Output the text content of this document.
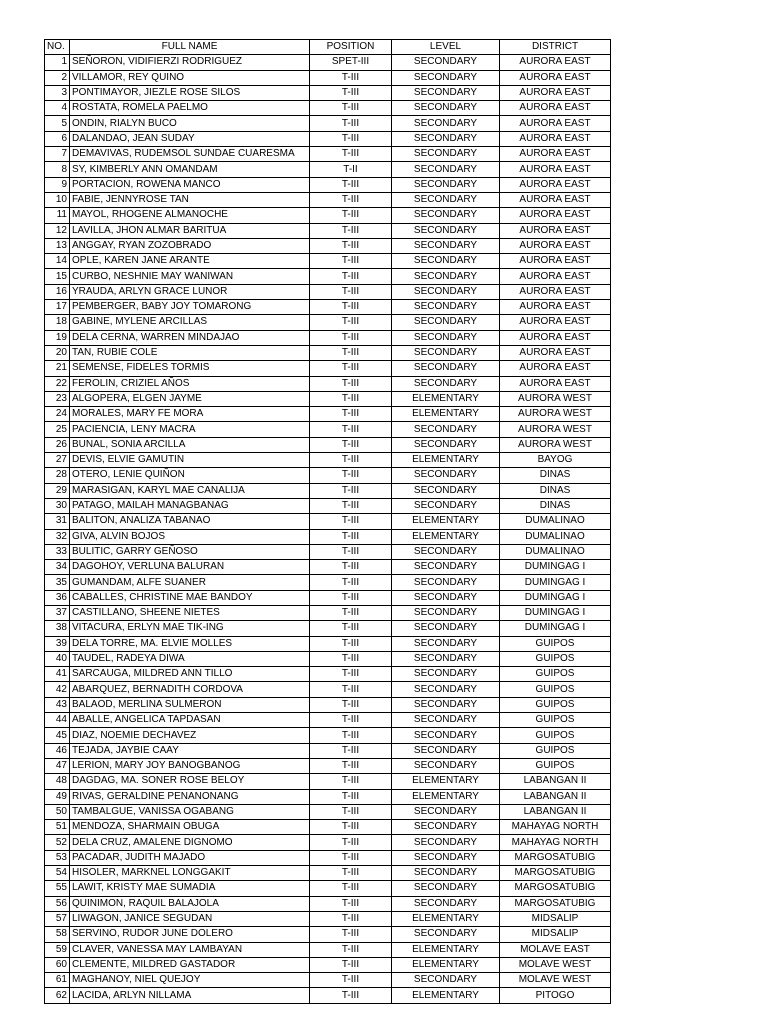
NO.	FULL NAME	POSITION	LEVEL	DISTRICT
1	SEÑORON, VIDIFIERZI RODRIGUEZ	SPET-III	SECONDARY	AURORA EAST
2	VILLAMOR, REY QUINO	T-III	SECONDARY	AURORA EAST
3	PONTIMAYOR, JIEZLE ROSE SILOS	T-III	SECONDARY	AURORA EAST
4	ROSTATA, ROMELA PAELMO	T-III	SECONDARY	AURORA EAST
5	ONDIN, RIALYN BUCO	T-III	SECONDARY	AURORA EAST
6	DALANDAO, JEAN SUDAY	T-III	SECONDARY	AURORA EAST
7	DEMAVIVAS, RUDEMSOL SUNDAE CUARESMA	T-III	SECONDARY	AURORA EAST
8	SY, KIMBERLY ANN OMANDAM	T-II	SECONDARY	AURORA EAST
9	PORTACION, ROWENA MANCO	T-III	SECONDARY	AURORA EAST
10	FABIE, JENNYROSE TAN	T-III	SECONDARY	AURORA EAST
11	MAYOL, RHOGENE ALMANOCHE	T-III	SECONDARY	AURORA EAST
12	LAVILLA, JHON ALMAR BARITUA	T-III	SECONDARY	AURORA EAST
13	ANGGAY, RYAN ZOZOBRADO	T-III	SECONDARY	AURORA EAST
14	OPLE, KAREN JANE ARANTE	T-III	SECONDARY	AURORA EAST
15	CURBO, NESHNIE MAY WANIWAN	T-III	SECONDARY	AURORA EAST
16	YRAUDA, ARLYN GRACE LUNOR	T-III	SECONDARY	AURORA EAST
17	PEMBERGER, BABY JOY TOMARONG	T-III	SECONDARY	AURORA EAST
18	GABINE, MYLENE ARCILLAS	T-III	SECONDARY	AURORA EAST
19	DELA CERNA, WARREN MINDAJAO	T-III	SECONDARY	AURORA EAST
20	TAN, RUBIE COLE	T-III	SECONDARY	AURORA EAST
21	SEMENSE, FIDELES TORMIS	T-III	SECONDARY	AURORA EAST
22	FEROLIN, CRIZIEL AÑOS	T-III	SECONDARY	AURORA EAST
23	ALGOPERA, ELGEN JAYME	T-III	ELEMENTARY	AURORA WEST
24	MORALES, MARY FE MORA	T-III	ELEMENTARY	AURORA WEST
25	PACIENCIA, LENY MACRA	T-III	SECONDARY	AURORA WEST
26	BUNAL, SONIA ARCILLA	T-III	SECONDARY	AURORA WEST
27	DEVIS, ELVIE GAMUTIN	T-III	ELEMENTARY	BAYOG
28	OTERO, LENIE QUIÑON	T-III	SECONDARY	DINAS
29	MARASIGAN, KARYL MAE CANALIJA	T-III	SECONDARY	DINAS
30	PATAGO, MAILAH MANAGBANAG	T-III	SECONDARY	DINAS
31	BALITON, ANALIZA TABANAO	T-III	ELEMENTARY	DUMALINAO
32	GIVA, ALVIN BOJOS	T-III	ELEMENTARY	DUMALINAO
33	BULITIC, GARRY GEÑOSO	T-III	SECONDARY	DUMALINAO
34	DAGOHOY, VERLUNA BALURAN	T-III	SECONDARY	DUMINGAG I
35	GUMANDAM, ALFE SUANER	T-III	SECONDARY	DUMINGAG I
36	CABALLES, CHRISTINE MAE BANDOY	T-III	SECONDARY	DUMINGAG I
37	CASTILLANO, SHEENE NIETES	T-III	SECONDARY	DUMINGAG I
38	VITACURA, ERLYN MAE TIK-ING	T-III	SECONDARY	DUMINGAG I
39	DELA TORRE, MA. ELVIE MOLLES	T-III	SECONDARY	GUIPOS
40	TAUDEL, RADEYA DIWA	T-III	SECONDARY	GUIPOS
41	SARCAUGA, MILDRED ANN TILLO	T-III	SECONDARY	GUIPOS
42	ABARQUEZ, BERNADITH CORDOVA	T-III	SECONDARY	GUIPOS
43	BALAOD, MERLINA SULMERON	T-III	SECONDARY	GUIPOS
44	ABALLE, ANGELICA TAPDASAN	T-III	SECONDARY	GUIPOS
45	DIAZ, NOEMIE DECHAVEZ	T-III	SECONDARY	GUIPOS
46	TEJADA, JAYBIE CAAY	T-III	SECONDARY	GUIPOS
47	LERION, MARY JOY BANOGBANOG	T-III	SECONDARY	GUIPOS
48	DAGDAG, MA. SONER ROSE BELOY	T-III	ELEMENTARY	LABANGAN II
49	RIVAS, GERALDINE PENANONANG	T-III	ELEMENTARY	LABANGAN II
50	TAMBALGUE, VANISSA OGABANG	T-III	SECONDARY	LABANGAN II
51	MENDOZA, SHARMAIN OBUGA	T-III	SECONDARY	MAHAYAG NORTH
52	DELA CRUZ, AMALENE DIGNOMO	T-III	SECONDARY	MAHAYAG NORTH
53	PACADAR, JUDITH MAJADO	T-III	SECONDARY	MARGOSATUBIG
54	HISOLER, MARKNEL LONGGAKIT	T-III	SECONDARY	MARGOSATUBIG
55	LAWIT, KRISTY MAE SUMADIA	T-III	SECONDARY	MARGOSATUBIG
56	QUINIMON, RAQUIL BALAJOLA	T-III	SECONDARY	MARGOSATUBIG
57	LIWAGON, JANICE SEGUDAN	T-III	ELEMENTARY	MIDSALIP
58	SERVINO, RUDOR JUNE DOLERO	T-III	SECONDARY	MIDSALIP
59	CLAVER, VANESSA MAY LAMBAYAN	T-III	ELEMENTARY	MOLAVE EAST
60	CLEMENTE, MILDRED GASTADOR	T-III	ELEMENTARY	MOLAVE WEST
61	MAGHANOY, NIEL QUEJOY	T-III	SECONDARY	MOLAVE WEST
62	LACIDA, ARLYN NILLAMA	T-III	ELEMENTARY	PITOGO
